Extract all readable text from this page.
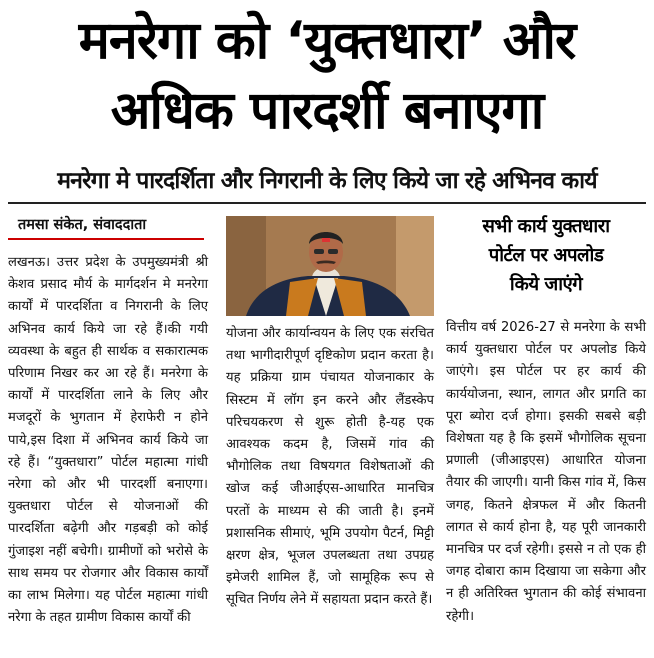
मनरेगा को ‘युक्तधारा’ और
अधिक पारदर्शी बनाएगा
मनरेगा मे पारदर्शिता और निगरानी के लिए किये जा रहे अभिनव कार्य
तमसा संकेत, संवाददाता

लखनऊ। उत्तर प्रदेश के उपमुख्यमंत्री श्री केशव प्रसाद मौर्य के मार्गदर्शन मे मनरेगा कार्यों में पारदर्शिता व निगरानी के लिए अभिनव कार्य किये जा रहे हैं।की गयी व्यवस्था के बहुत ही सार्थक व सकारात्मक परिणाम निखर कर आ रहे हैं। मनरेगा के कार्यों में पारदर्शिता लाने के लिए और मजदूरों के भुगतान में हेराफेरी न होने पाये,इस दिशा में अभिनव कार्य किये जा रहे हैं। “युक्तधारा” पोर्टल महात्मा गांधी नरेगा को और भी पारदर्शी बनाएगा। युक्तधारा पोर्टल से योजनाओं की पारदर्शिता बढ़ेगी और गड़बड़ी को कोई गुंजाइश नहीं बचेगी। ग्रामीणों को भरोसे के साथ समय पर रोजगार और विकास कार्यों का लाभ मिलेगा। यह पोर्टल महात्मा गांधी नरेगा के तहत ग्रामीण विकास कार्यों की

योजना और कार्यान्वयन के लिए एक संरचित तथा भागीदारीपूर्ण दृष्टिकोण प्रदान करता है। यह प्रक्रिया ग्राम पंचायत योजनाकार के सिस्टम में लॉग इन करने और लैंडस्केप परिचयकरण से शुरू होती है-यह एक आवश्यक कदम है, जिसमें गांव की भौगोलिक तथा विषयगत विशेषताओं की खोज कई जीआईएस-आधारित मानचित्र परतों के माध्यम से की जाती है। इनमें प्रशासनिक सीमाएं, भूमि उपयोग पैटर्न, मिट्टी क्षरण क्षेत्र, भूजल उपलब्धता तथा उपग्रह इमेजरी शामिल हैं, जो सामूहिक रूप से सूचित निर्णय लेने में सहायता प्रदान करते हैं।

सभी कार्य युक्तधारा
पोर्टल पर अपलोड
किये जाएंगे

वित्तीय वर्ष 2026-27 से मनरेगा के सभी कार्य युक्तधारा पोर्टल पर अपलोड किये जाएंगे। इस पोर्टल पर हर कार्य की कार्ययोजना, स्थान, लागत और प्रगति का पूरा ब्योरा दर्ज होगा। इसकी सबसे बड़ी विशेषता यह है कि इसमें भौगोलिक सूचना प्रणाली (जीआइएस) आधारित योजना तैयार की जाएगी। यानी किस गांव में, किस जगह, कितने क्षेत्रफल में और कितनी लागत से कार्य होना है, यह पूरी जानकारी मानचित्र पर दर्ज रहेगी। इससे न तो एक ही जगह दोबारा काम दिखाया जा सकेगा और न ही अतिरिक्त भुगतान की कोई संभावना रहेगी।
